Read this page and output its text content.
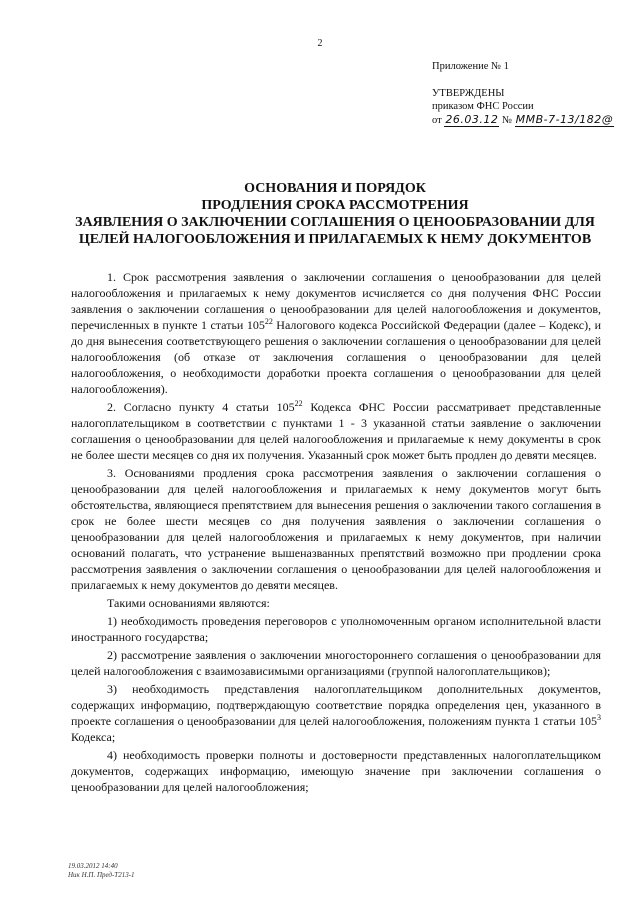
2
Приложение № 1
УТВЕРЖДЕНЫ
приказом ФНС России
от 26.03.12 № ММВ-7-13/182@
ОСНОВАНИЯ И ПОРЯДОК
ПРОДЛЕНИЯ СРОКА РАССМОТРЕНИЯ
ЗАЯВЛЕНИЯ О ЗАКЛЮЧЕНИИ СОГЛАШЕНИЯ О ЦЕНООБРАЗОВАНИИ ДЛЯ
ЦЕЛЕЙ НАЛОГООБЛОЖЕНИЯ И ПРИЛАГАЕМЫХ К НЕМУ ДОКУМЕНТОВ

1. Срок рассмотрения заявления о заключении соглашения о ценообразовании для целей налогообложения и прилагаемых к нему документов исчисляется со дня получения ФНС России заявления о заключении соглашения о ценообразовании для целей налогообложения и документов, перечисленных в пункте 1 статьи $105^{22}$ Налогового кодекса Российской Федерации (далее – Кодекс), и до дня вынесения соответствующего решения о заключении соглашения о ценообразовании для целей налогообложения (об отказе от заключения соглашения о ценообразовании для целей налогообложения, о необходимости доработки проекта соглашения о ценообразовании для целей налогообложения).

2. Согласно пункту 4 статьи $105^{22}$ Кодекса ФНС России рассматривает представленные налогоплательщиком в соответствии с пунктами 1 - 3 указанной статьи заявление о заключении соглашения о ценообразовании для целей налогообложения и прилагаемые к нему документы в срок не более шести месяцев со дня их получения. Указанный срок может быть продлен до девяти месяцев.

3. Основаниями продления срока рассмотрения заявления о заключении соглашения о ценообразовании для целей налогообложения и прилагаемых к нему документов могут быть обстоятельства, являющиеся препятствием для вынесения решения о заключении такого соглашения в срок не более шести месяцев со дня получения заявления о заключении соглашения о ценообразовании для целей налогообложения и прилагаемых к нему документов, при наличии оснований полагать, что устранение вышеназванных препятствий возможно при продлении срока рассмотрения заявления о заключении соглашения о ценообразовании для целей налогообложения и прилагаемых к нему документов до девяти месяцев.

Такими основаниями являются:

1) необходимость проведения переговоров с уполномоченным органом исполнительной власти иностранного государства;

2) рассмотрение заявления о заключении многостороннего соглашения о ценообразовании для целей налогообложения с взаимозависимыми организациями (группой налогоплательщиков);

3) необходимость представления налогоплательщиком дополнительных документов, содержащих информацию, подтверждающую соответствие порядка определения цен, указанного в проекте соглашения о ценообразовании для целей налогообложения, положениям пункта 1 статьи $105^3$ Кодекса;

4) необходимость проверки полноты и достоверности представленных налогоплательщиком документов, содержащих информацию, имеющую значение при заключении соглашения о ценообразовании для целей налогообложения;

19.03.2012 14:40
Ник Н.П. Пред-Т213-1
